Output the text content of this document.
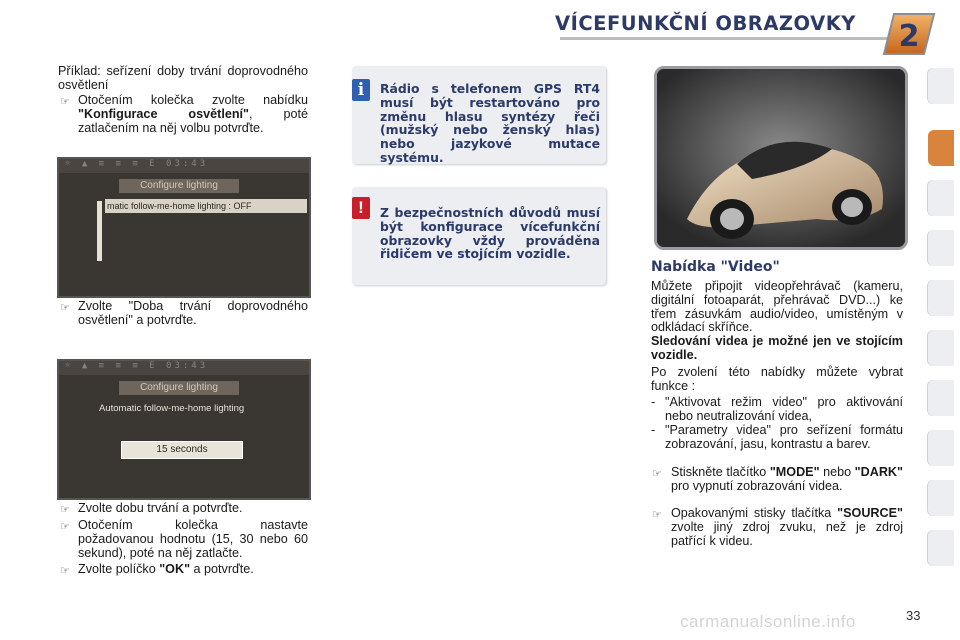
VÍCEFUNKČNÍ OBRAZOVKY	2
Příklad: seřízení doby trvání doprovodného osvětlení
☞ Otočením kolečka zvolte nabídku "Konfigurace osvětlení", poté zatlačením na něj volbu potvrďte.
☼ ▲ ≡ ≡ ≡ E 03:43
Configure lighting
matic follow-me-home lighting : OFF
☞ Zvolte "Doba trvání doprovodného osvětlení" a potvrďte.
☼ ▲ ≡ ≡ ≡ E 03:43
Configure lighting
Automatic follow-me-home lighting
15 seconds
☞ Zvolte dobu trvání a potvrďte.
☞ Otočením kolečka nastavte požadovanou hodnotu (15, 30 nebo 60 sekund), poté na něj zatlačte.
☞ Zvolte políčko "OK" a potvrďte.
i	Rádio s telefonem GPS RT4 musí být restartováno pro změnu hlasu syntézy řeči (mužský nebo ženský hlas) nebo jazykové mutace systému.
!	Z bezpečnostních důvodů musí být konfigurace vícefunkční obrazovky vždy prováděna řidičem ve stojícím vozidle.
Nabídka "Video"
Můžete připojit videopřehrávač (kameru, digitální fotoaparát, přehrávač DVD...) ke třem zásuvkám audio/video, umístěným v odkládací skříňce.
Sledování videa je možné jen ve stojícím vozidle.
Po zvolení této nabídky můžete vybrat funkce :
- "Aktivovat režim video" pro aktivování nebo neutralizování videa,
- "Parametry videa" pro seřízení formátu zobrazování, jasu, kontrastu a barev.
☞ Stiskněte tlačítko "MODE" nebo "DARK" pro vypnutí zobrazování videa.
☞ Opakovanými stisky tlačítka "SOURCE" zvolte jiný zdroj zvuku, než je zdroj patřící k videu.
33
carmanualsonline.info
